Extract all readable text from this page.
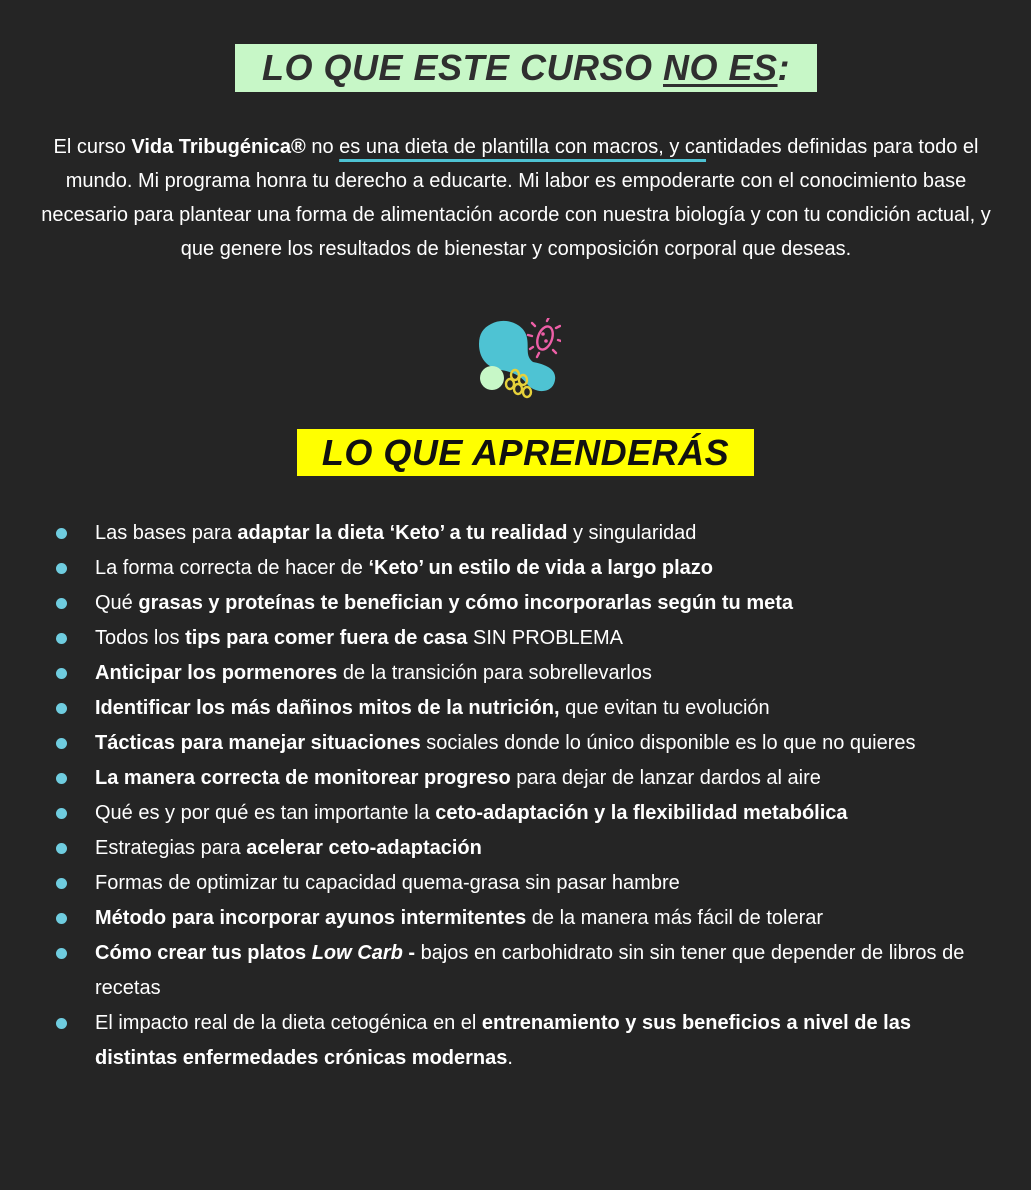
LO QUE ESTE CURSO NO ES:
El curso Vida Tribugénica® no es una dieta de plantilla con macros, y cantidades definidas para todo el mundo. Mi programa honra tu derecho a educarte. Mi labor es empoderarte con el conocimiento base necesario para plantear una forma de alimentación acorde con nuestra biología y con tu condición actual, y que genere los resultados de bienestar y composición corporal que deseas.
LO QUE APRENDERÁS
Las bases para adaptar la dieta ‘Keto’ a tu realidad y singularidad
La forma correcta de hacer de ‘Keto’ un estilo de vida a largo plazo
Qué grasas y proteínas te benefician y cómo incorporarlas según tu meta
Todos los tips para comer fuera de casa SIN PROBLEMA
Anticipar los pormenores de la transición para sobrellevarlos
Identificar los más dañinos mitos de la nutrición, que evitan tu evolución
Tácticas para manejar situaciones sociales donde lo único disponible es lo que no quieres
La manera correcta de monitorear progreso para dejar de lanzar dardos al aire
Qué es y por qué es tan importante la ceto-adaptación y la flexibilidad metabólica
Estrategias para acelerar ceto-adaptación
Formas de optimizar tu capacidad quema-grasa sin pasar hambre
Método para incorporar ayunos intermitentes de la manera más fácil de tolerar
Cómo crear tus platos Low Carb - bajos en carbohidrato sin sin tener que depender de libros de recetas
El impacto real de la dieta cetogénica en el entrenamiento y sus beneficios a nivel de las distintas enfermedades crónicas modernas.
